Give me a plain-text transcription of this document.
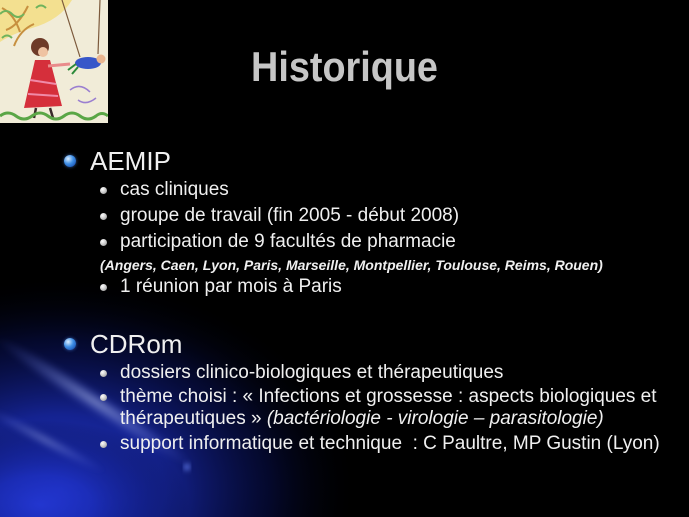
Historique
AEMIP
cas cliniques
groupe de travail (fin 2005 - début 2008)
participation de 9 facultés de pharmacie
(Angers, Caen, Lyon, Paris, Marseille, Montpellier, Toulouse, Reims, Rouen)
1 réunion par mois à Paris
CDRom
dossiers clinico-biologiques et thérapeutiques
thème choisi : « Infections et grossesse : aspects biologiques et thérapeutiques » (bactériologie - virologie – parasitologie)
support informatique et technique  : C Paultre, MP Gustin (Lyon)
